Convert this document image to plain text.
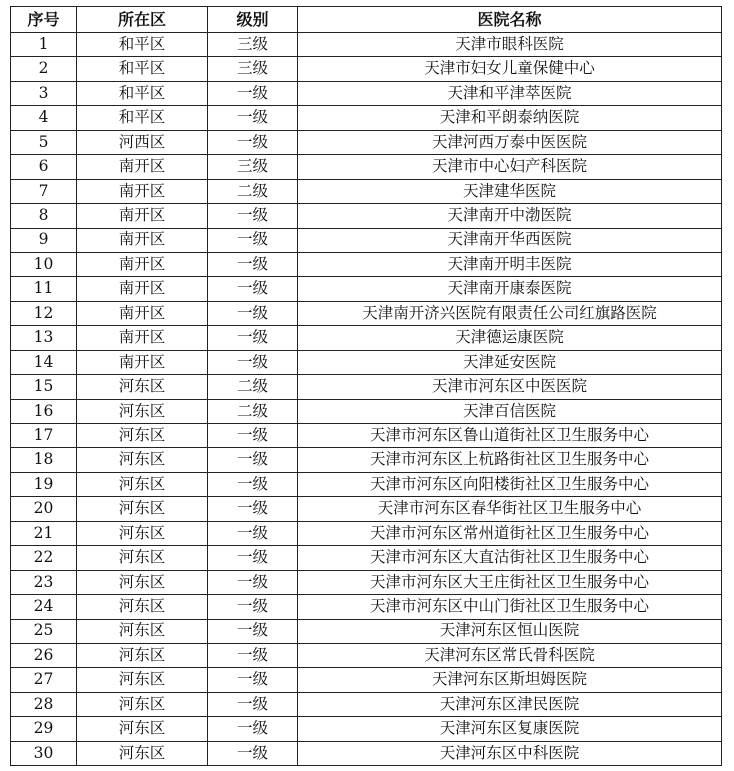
序号	所在区	级别	医院名称
1	和平区	三级	天津市眼科医院
2	和平区	三级	天津市妇女儿童保健中心
3	和平区	一级	天津和平津萃医院
4	和平区	一级	天津和平朗泰纳医院
5	河西区	一级	天津河西万泰中医医院
6	南开区	三级	天津市中心妇产科医院
7	南开区	二级	天津建华医院
8	南开区	一级	天津南开中渤医院
9	南开区	一级	天津南开华西医院
10	南开区	一级	天津南开明丰医院
11	南开区	一级	天津南开康泰医院
12	南开区	一级	天津南开济兴医院有限责任公司红旗路医院
13	南开区	一级	天津德运康医院
14	南开区	一级	天津延安医院
15	河东区	二级	天津市河东区中医医院
16	河东区	二级	天津百信医院
17	河东区	一级	天津市河东区鲁山道街社区卫生服务中心
18	河东区	一级	天津市河东区上杭路街社区卫生服务中心
19	河东区	一级	天津市河东区向阳楼街社区卫生服务中心
20	河东区	一级	天津市河东区春华街社区卫生服务中心
21	河东区	一级	天津市河东区常州道街社区卫生服务中心
22	河东区	一级	天津市河东区大直沽街社区卫生服务中心
23	河东区	一级	天津市河东区大王庄街社区卫生服务中心
24	河东区	一级	天津市河东区中山门街社区卫生服务中心
25	河东区	一级	天津河东区恒山医院
26	河东区	一级	天津河东区常氏骨科医院
27	河东区	一级	天津河东区斯坦姆医院
28	河东区	一级	天津河东区津民医院
29	河东区	一级	天津河东区复康医院
30	河东区	一级	天津河东区中科医院
